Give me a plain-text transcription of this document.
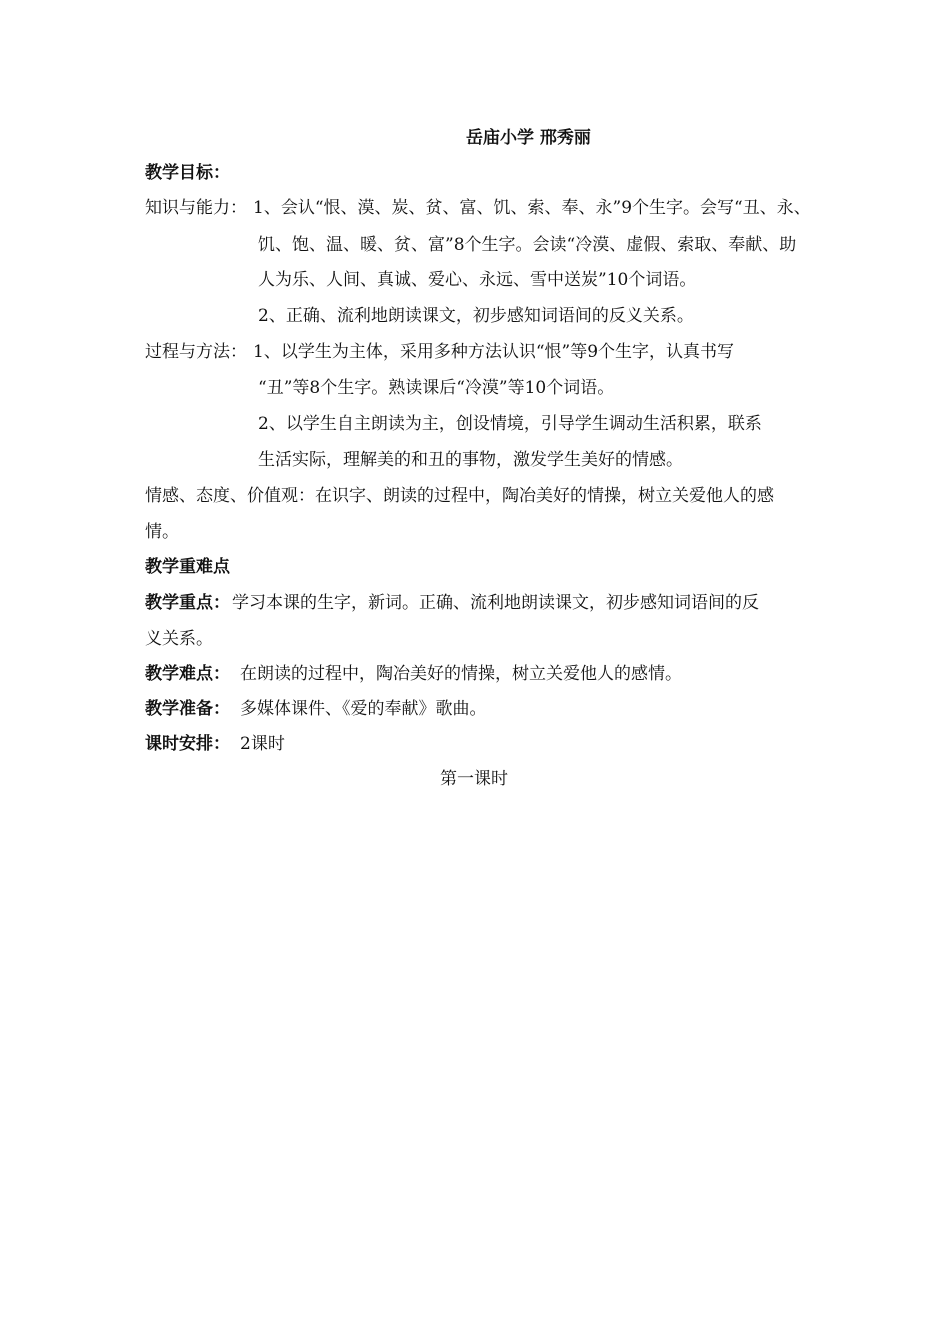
岳庙小学 邢秀丽
教学目标：
知识与能力： 1、会认“恨、漠、炭、贫、富、饥、索、奉、永”9个生字。会写“丑、永、
饥、饱、温、暖、贫、富”8个生字。会读“冷漠、虚假、索取、奉献、助
人为乐、人间、真诚、爱心、永远、雪中送炭”10个词语。
2、正确、流利地朗读课文，初步感知词语间的反义关系。
过程与方法： 1、以学生为主体，采用多种方法认识“恨”等9个生字，认真书写
“丑”等8个生字。熟读课后“冷漠”等10个词语。
2、以学生自主朗读为主，创设情境，引导学生调动生活积累，联系
生活实际，理解美的和丑的事物，激发学生美好的情感。
情感、态度、价值观： 在识字、朗读的过程中，陶冶美好的情操，树立关爱他人的感
情。
教学重难点
教学重点： 学习本课的生字，新词。正确、流利地朗读课文，初步感知词语间的反
义关系。
教学难点： 在朗读的过程中，陶冶美好的情操，树立关爱他人的感情。
教学准备： 多媒体课件、《爱的奉献》歌曲。
课时安排： 2课时
第一课时
